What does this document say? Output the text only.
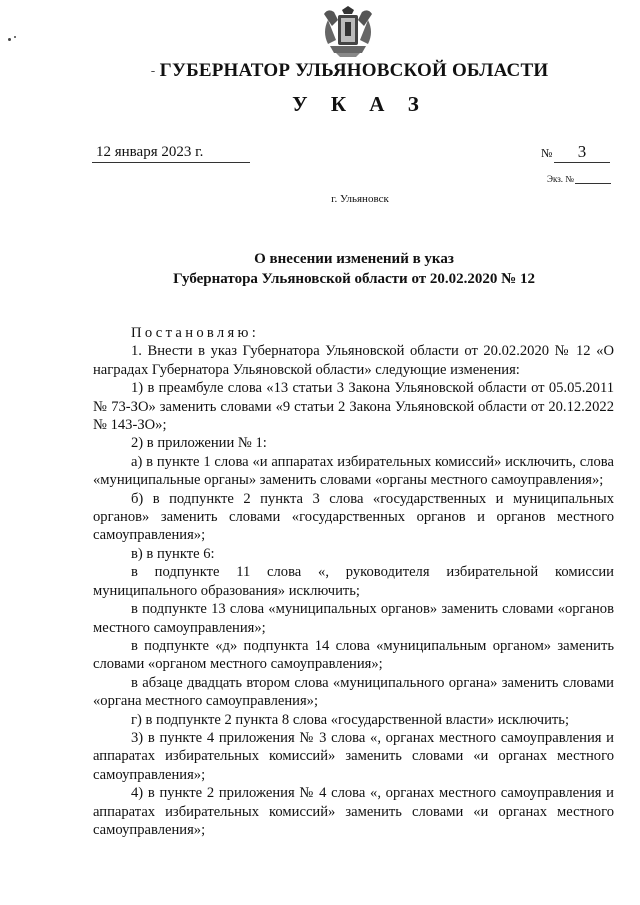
ГУБЕРНАТОР УЛЬЯНОВСКОЙ ОБЛАСТИ
У К А З
12 января 2023 г.	№	3
Экз. №
г. Ульяновск
О внесении изменений в указ
Губернатора Ульяновской области от 20.02.2020 № 12

Постановляю:

1. Внести в указ Губернатора Ульяновской области от 20.02.2020 № 12 «О наградах Губернатора Ульяновской области» следующие изменения:

1) в преамбуле слова «13 статьи 3 Закона Ульяновской области от 05.05.2011 № 73-ЗО» заменить словами «9 статьи 2 Закона Ульяновской области от 20.12.2022 № 143-ЗО»;

2) в приложении № 1:

а) в пункте 1 слова «и аппаратах избирательных комиссий» исключить, слова «муниципальные органы» заменить словами «органы местного самоуправления»;

б) в подпункте 2 пункта 3 слова «государственных и муниципальных органов» заменить словами «государственных органов и органов местного самоуправления»;

в) в пункте 6:

в подпункте 11 слова «, руководителя избирательной комиссии муниципального образования» исключить;

в подпункте 13 слова «муниципальных органов» заменить словами «органов местного самоуправления»;

в подпункте «д» подпункта 14 слова «муниципальным органом» заменить словами «органом местного самоуправления»;

в абзаце двадцать втором слова «муниципального органа» заменить словами «органа местного самоуправления»;

г) в подпункте 2 пункта 8 слова «государственной власти» исключить;

3) в пункте 4 приложения № 3 слова «, органах местного самоуправления и аппаратах избирательных комиссий» заменить словами «и органах местного самоуправления»;

4) в пункте 2 приложения № 4 слова «, органах местного самоуправления и аппаратах избирательных комиссий» заменить словами «и органах местного самоуправления»;
